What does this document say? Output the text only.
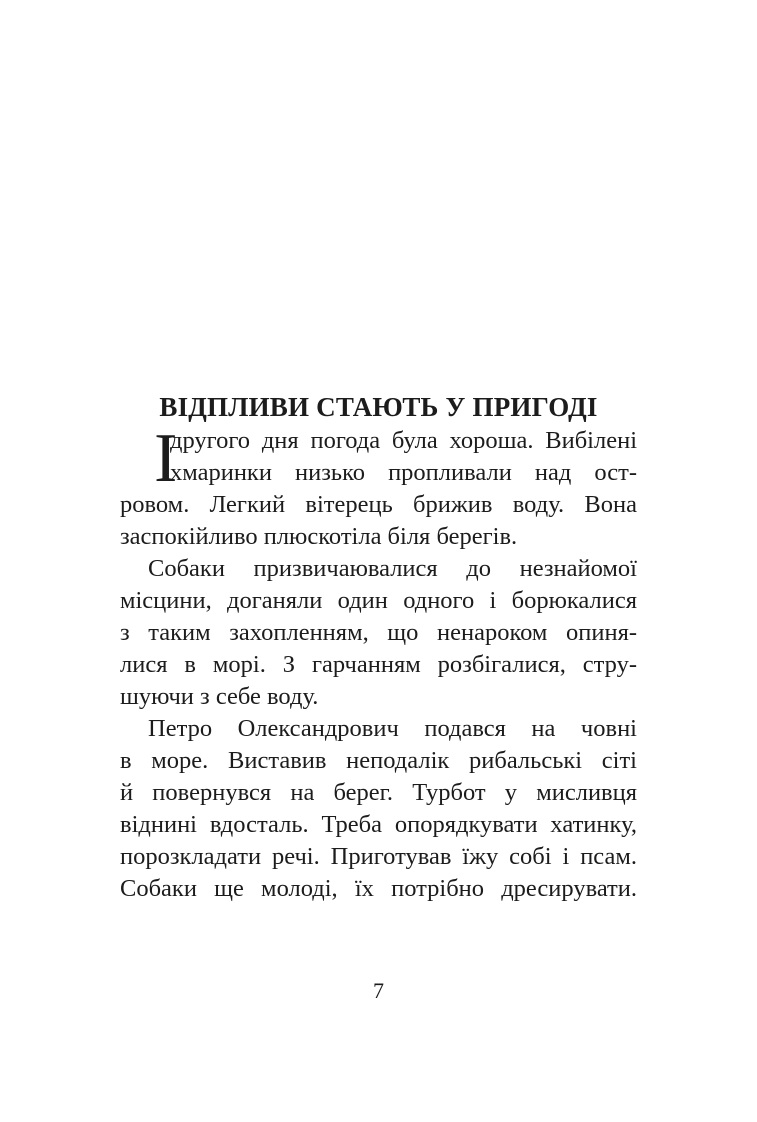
ВІДПЛИВИ СТАЮТЬ У ПРИГОДІ
І
другого дня погода була хороша. Вибілені
хмаринки низько пропливали над ост-
ровом. Легкий вітерець брижив воду. Вона
заспокійливо плюскотіла біля берегів.
Собаки призвичаювалися до незнайомої
місцини, доганяли один одного і борюкалися
з таким захопленням, що ненароком опиня-
лися в морі. З гарчанням розбігалися, стру-
шуючи з себе воду.
Петро Олександрович подався на човні
в море. Виставив неподалік рибальські сіті
й повернувся на берег. Турбот у мисливця
віднині вдосталь. Треба опорядкувати хатинку,
порозкладати речі. Приготував їжу собі і псам.
Собаки ще молоді, їх потрібно дресирувати.
7
